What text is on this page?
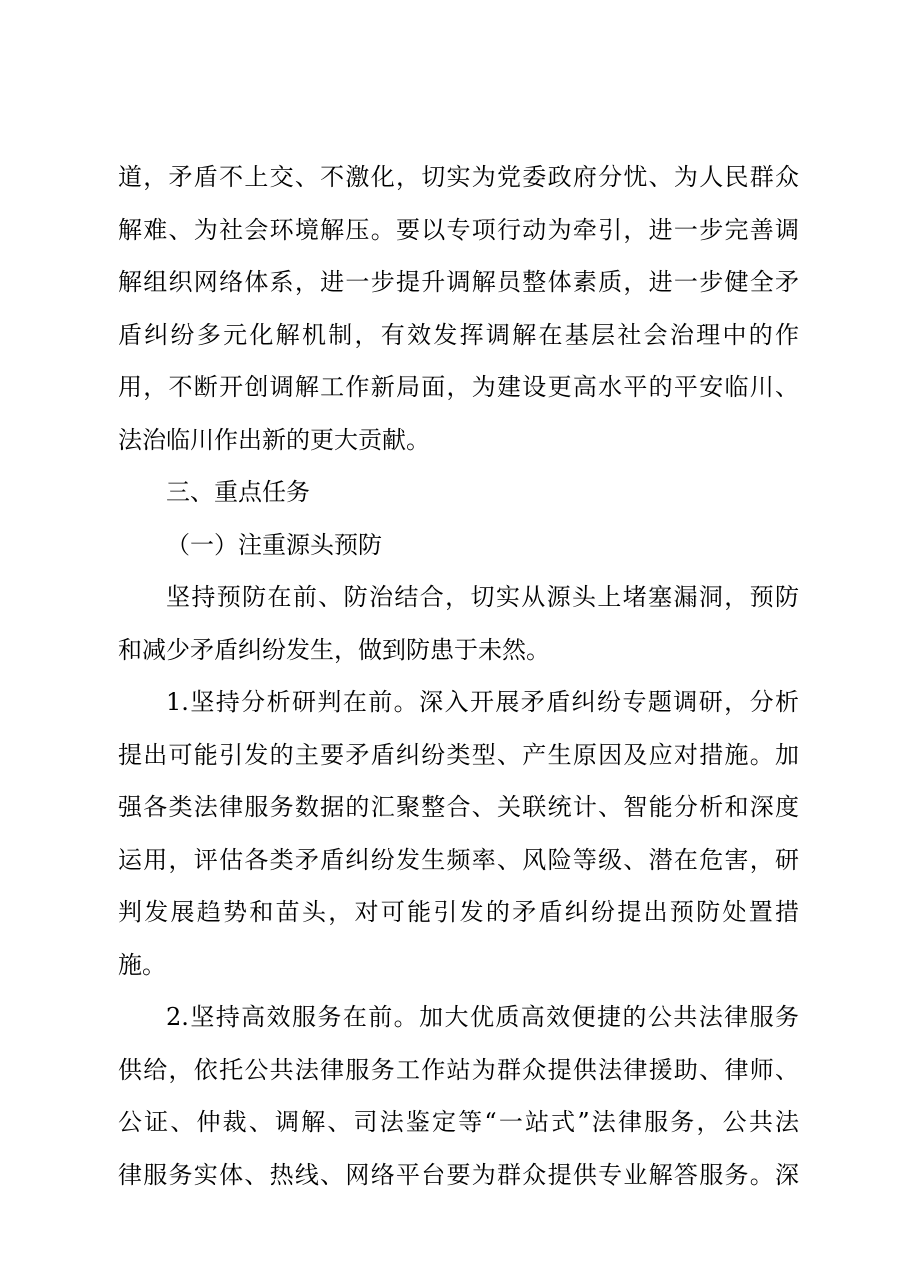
道，矛盾不上交、不激化，切实为党委政府分忧、为人民群众
解难、为社会环境解压。要以专项行动为牵引，进一步完善调
解组织网络体系，进一步提升调解员整体素质，进一步健全矛
盾纠纷多元化解机制，有效发挥调解在基层社会治理中的作
用，不断开创调解工作新局面，为建设更高水平的平安临川、
法治临川作出新的更大贡献。
三、重点任务
（一）注重源头预防
坚持预防在前、防治结合，切实从源头上堵塞漏洞，预防
和减少矛盾纠纷发生，做到防患于未然。
1.坚持分析研判在前。深入开展矛盾纠纷专题调研，分析
提出可能引发的主要矛盾纠纷类型、产生原因及应对措施。加
强各类法律服务数据的汇聚整合、关联统计、智能分析和深度
运用，评估各类矛盾纠纷发生频率、风险等级、潜在危害，研
判发展趋势和苗头，对可能引发的矛盾纠纷提出预防处置措
施。
2.坚持高效服务在前。加大优质高效便捷的公共法律服务
供给，依托公共法律服务工作站为群众提供法律援助、律师、
公证、仲裁、调解、司法鉴定等“一站式”法律服务，公共法
律服务实体、热线、网络平台要为群众提供专业解答服务。深
